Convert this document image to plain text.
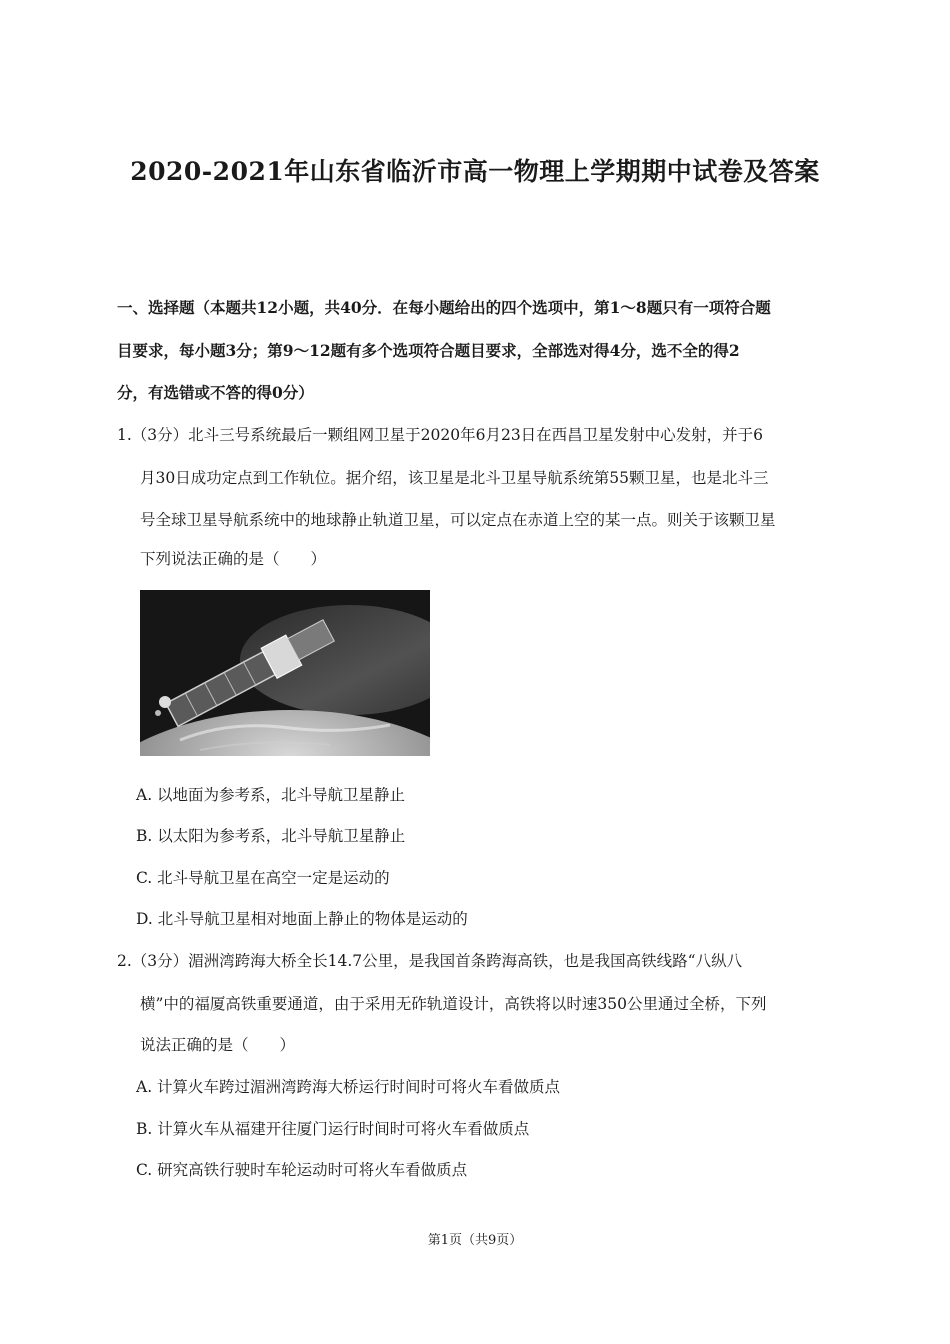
2020-2021年山东省临沂市高一物理上学期期中试卷及答案
一、选择题（本题共12小题，共40分．在每小题给出的四个选项中，第1～8题只有一项符合题
目要求，每小题3分；第9～12题有多个选项符合题目要求，全部选对得4分，选不全的得2
分，有选错或不答的得0分）
1.（3分）北斗三号系统最后一颗组网卫星于2020年6月23日在西昌卫星发射中心发射，并于6
月30日成功定点到工作轨位。据介绍，该卫星是北斗卫星导航系统第55颗卫星，也是北斗三
号全球卫星导航系统中的地球静止轨道卫星，可以定点在赤道上空的某一点。则关于该颗卫星
下列说法正确的是（　　）
A. 以地面为参考系，北斗导航卫星静止
B. 以太阳为参考系，北斗导航卫星静止
C. 北斗导航卫星在高空一定是运动的
D. 北斗导航卫星相对地面上静止的物体是运动的
2.（3分）湄洲湾跨海大桥全长14.7公里，是我国首条跨海高铁，也是我国高铁线路“八纵八
横”中的福厦高铁重要通道，由于采用无砟轨道设计，高铁将以时速350公里通过全桥，下列
说法正确的是（　　）
A. 计算火车跨过湄洲湾跨海大桥运行时间时可将火车看做质点
B. 计算火车从福建开往厦门运行时间时可将火车看做质点
C. 研究高铁行驶时车轮运动时可将火车看做质点
第1页（共9页）
